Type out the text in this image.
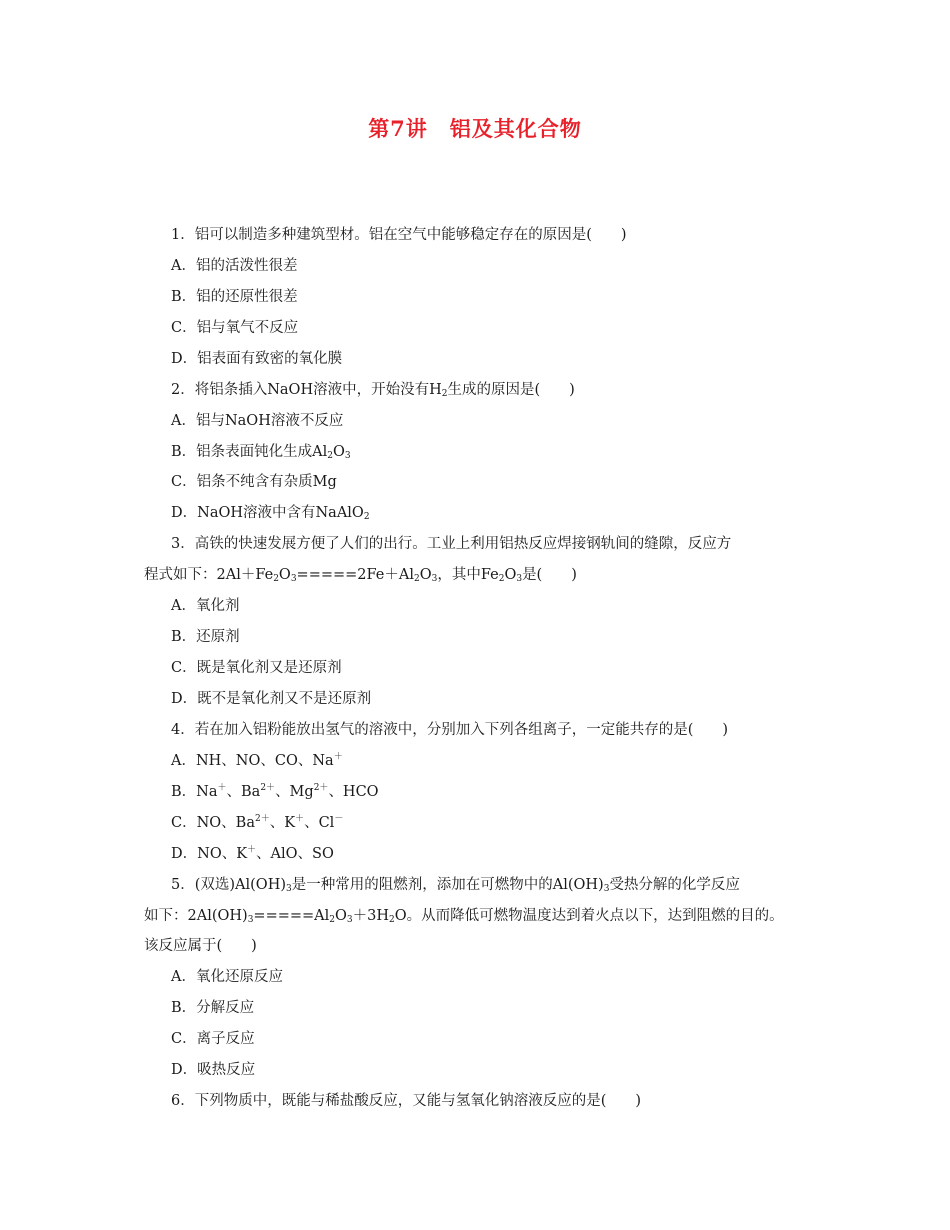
第7讲　铝及其化合物
1．铝可以制造多种建筑型材。铝在空气中能够稳定存在的原因是(　　)
A．铝的活泼性很差
B．铝的还原性很差
C．铝与氧气不反应
D．铝表面有致密的氧化膜
2．将铝条插入NaOH溶液中，开始没有$H_2$生成的原因是(　　)
A．铝与NaOH溶液不反应
B．铝条表面钝化生成$Al_2O_3$
C．铝条不纯含有杂质Mg
D．NaOH溶液中含有NaAlO$_2$
3．高铁的快速发展方便了人们的出行。工业上利用铝热反应焊接钢轨间的缝隙，反应方
程式如下：$2Al+Fe_2O_3=====2Fe+Al_2O_3$，其中$Fe_2O_3$是(　　)
A．氧化剂
B．还原剂
C．既是氧化剂又是还原剂
D．既不是氧化剂又不是还原剂
4．若在加入铝粉能放出氢气的溶液中，分别加入下列各组离子，一定能共存的是(　　)
A．NH、NO、CO、Na＋
B．Na＋、$Ba^{2+}$、$Mg^{2+}$、HCO
C．NO、$Ba^{2+}$、K＋、Cl－
D．NO、K＋、AlO、SO
5．(双选)$Al(OH)_3$是一种常用的阻燃剂，添加在可燃物中的$Al(OH)_3$受热分解的化学反应
如下：$2Al(OH)_3=====Al_2O_3+3H_2O$。从而降低可燃物温度达到着火点以下，达到阻燃的目的。
该反应属于(　　)
A．氧化还原反应
B．分解反应
C．离子反应
D．吸热反应
6．下列物质中，既能与稀盐酸反应，又能与氢氧化钠溶液反应的是(　　)
